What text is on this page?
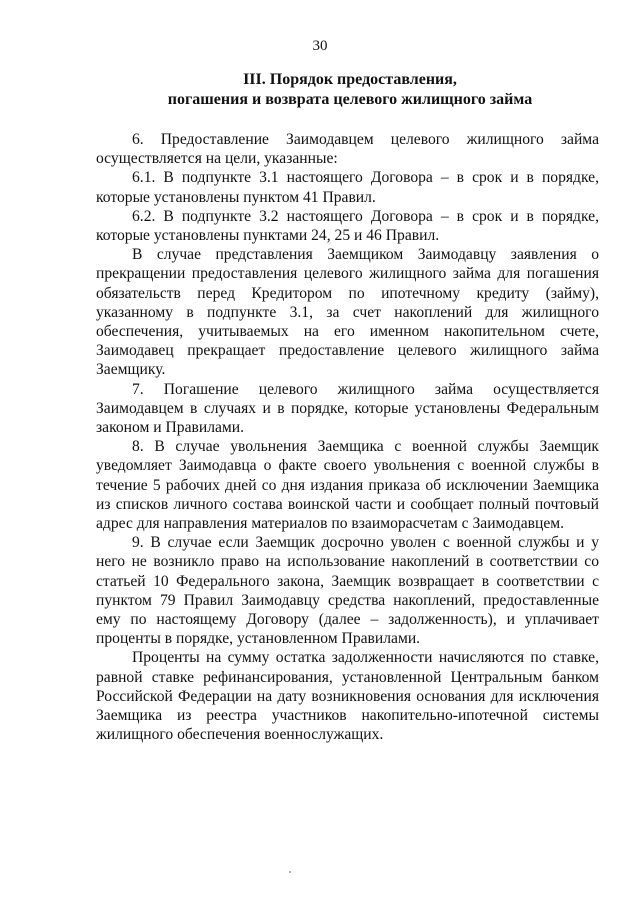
30
III. Порядок предоставления,
погашения и возврата целевого жилищного займа

6. Предоставление Заимодавцем целевого жилищного займа осуществляется на цели, указанные:

6.1. В подпункте 3.1 настоящего Договора – в срок и в порядке, которые установлены пунктом 41 Правил.

6.2. В подпункте 3.2 настоящего Договора – в срок и в порядке, которые установлены пунктами 24, 25 и 46 Правил.

В случае представления Заемщиком Заимодавцу заявления о прекращении предоставления целевого жилищного займа для погашения обязательств перед Кредитором по ипотечному кредиту (займу), указанному в подпункте 3.1, за счет накоплений для жилищного обеспечения, учитываемых на его именном накопительном счете, Заимодавец прекращает предоставление целевого жилищного займа Заемщику.

7. Погашение целевого жилищного займа осуществляется Заимодавцем в случаях и в порядке, которые установлены Федеральным законом и Правилами.

8. В случае увольнения Заемщика с военной службы Заемщик уведомляет Заимодавца о факте своего увольнения с военной службы в течение 5 рабочих дней со дня издания приказа об исключении Заемщика из списков личного состава воинской части и сообщает полный почтовый адрес для направления материалов по взаиморасчетам с Заимодавцем.

9. В случае если Заемщик досрочно уволен с военной службы и у него не возникло право на использование накоплений в соответствии со статьей 10 Федерального закона, Заемщик возвращает в соответствии с пунктом 79 Правил Заимодавцу средства накоплений, предоставленные ему по настоящему Договору (далее – задолженность), и уплачивает проценты в порядке, установленном Правилами.

Проценты на сумму остатка задолженности начисляются по ставке, равной ставке рефинансирования, установленной Центральным банком Российской Федерации на дату возникновения основания для исключения Заемщика из реестра участников накопительно-ипотечной системы жилищного обеспечения военнослужащих.
